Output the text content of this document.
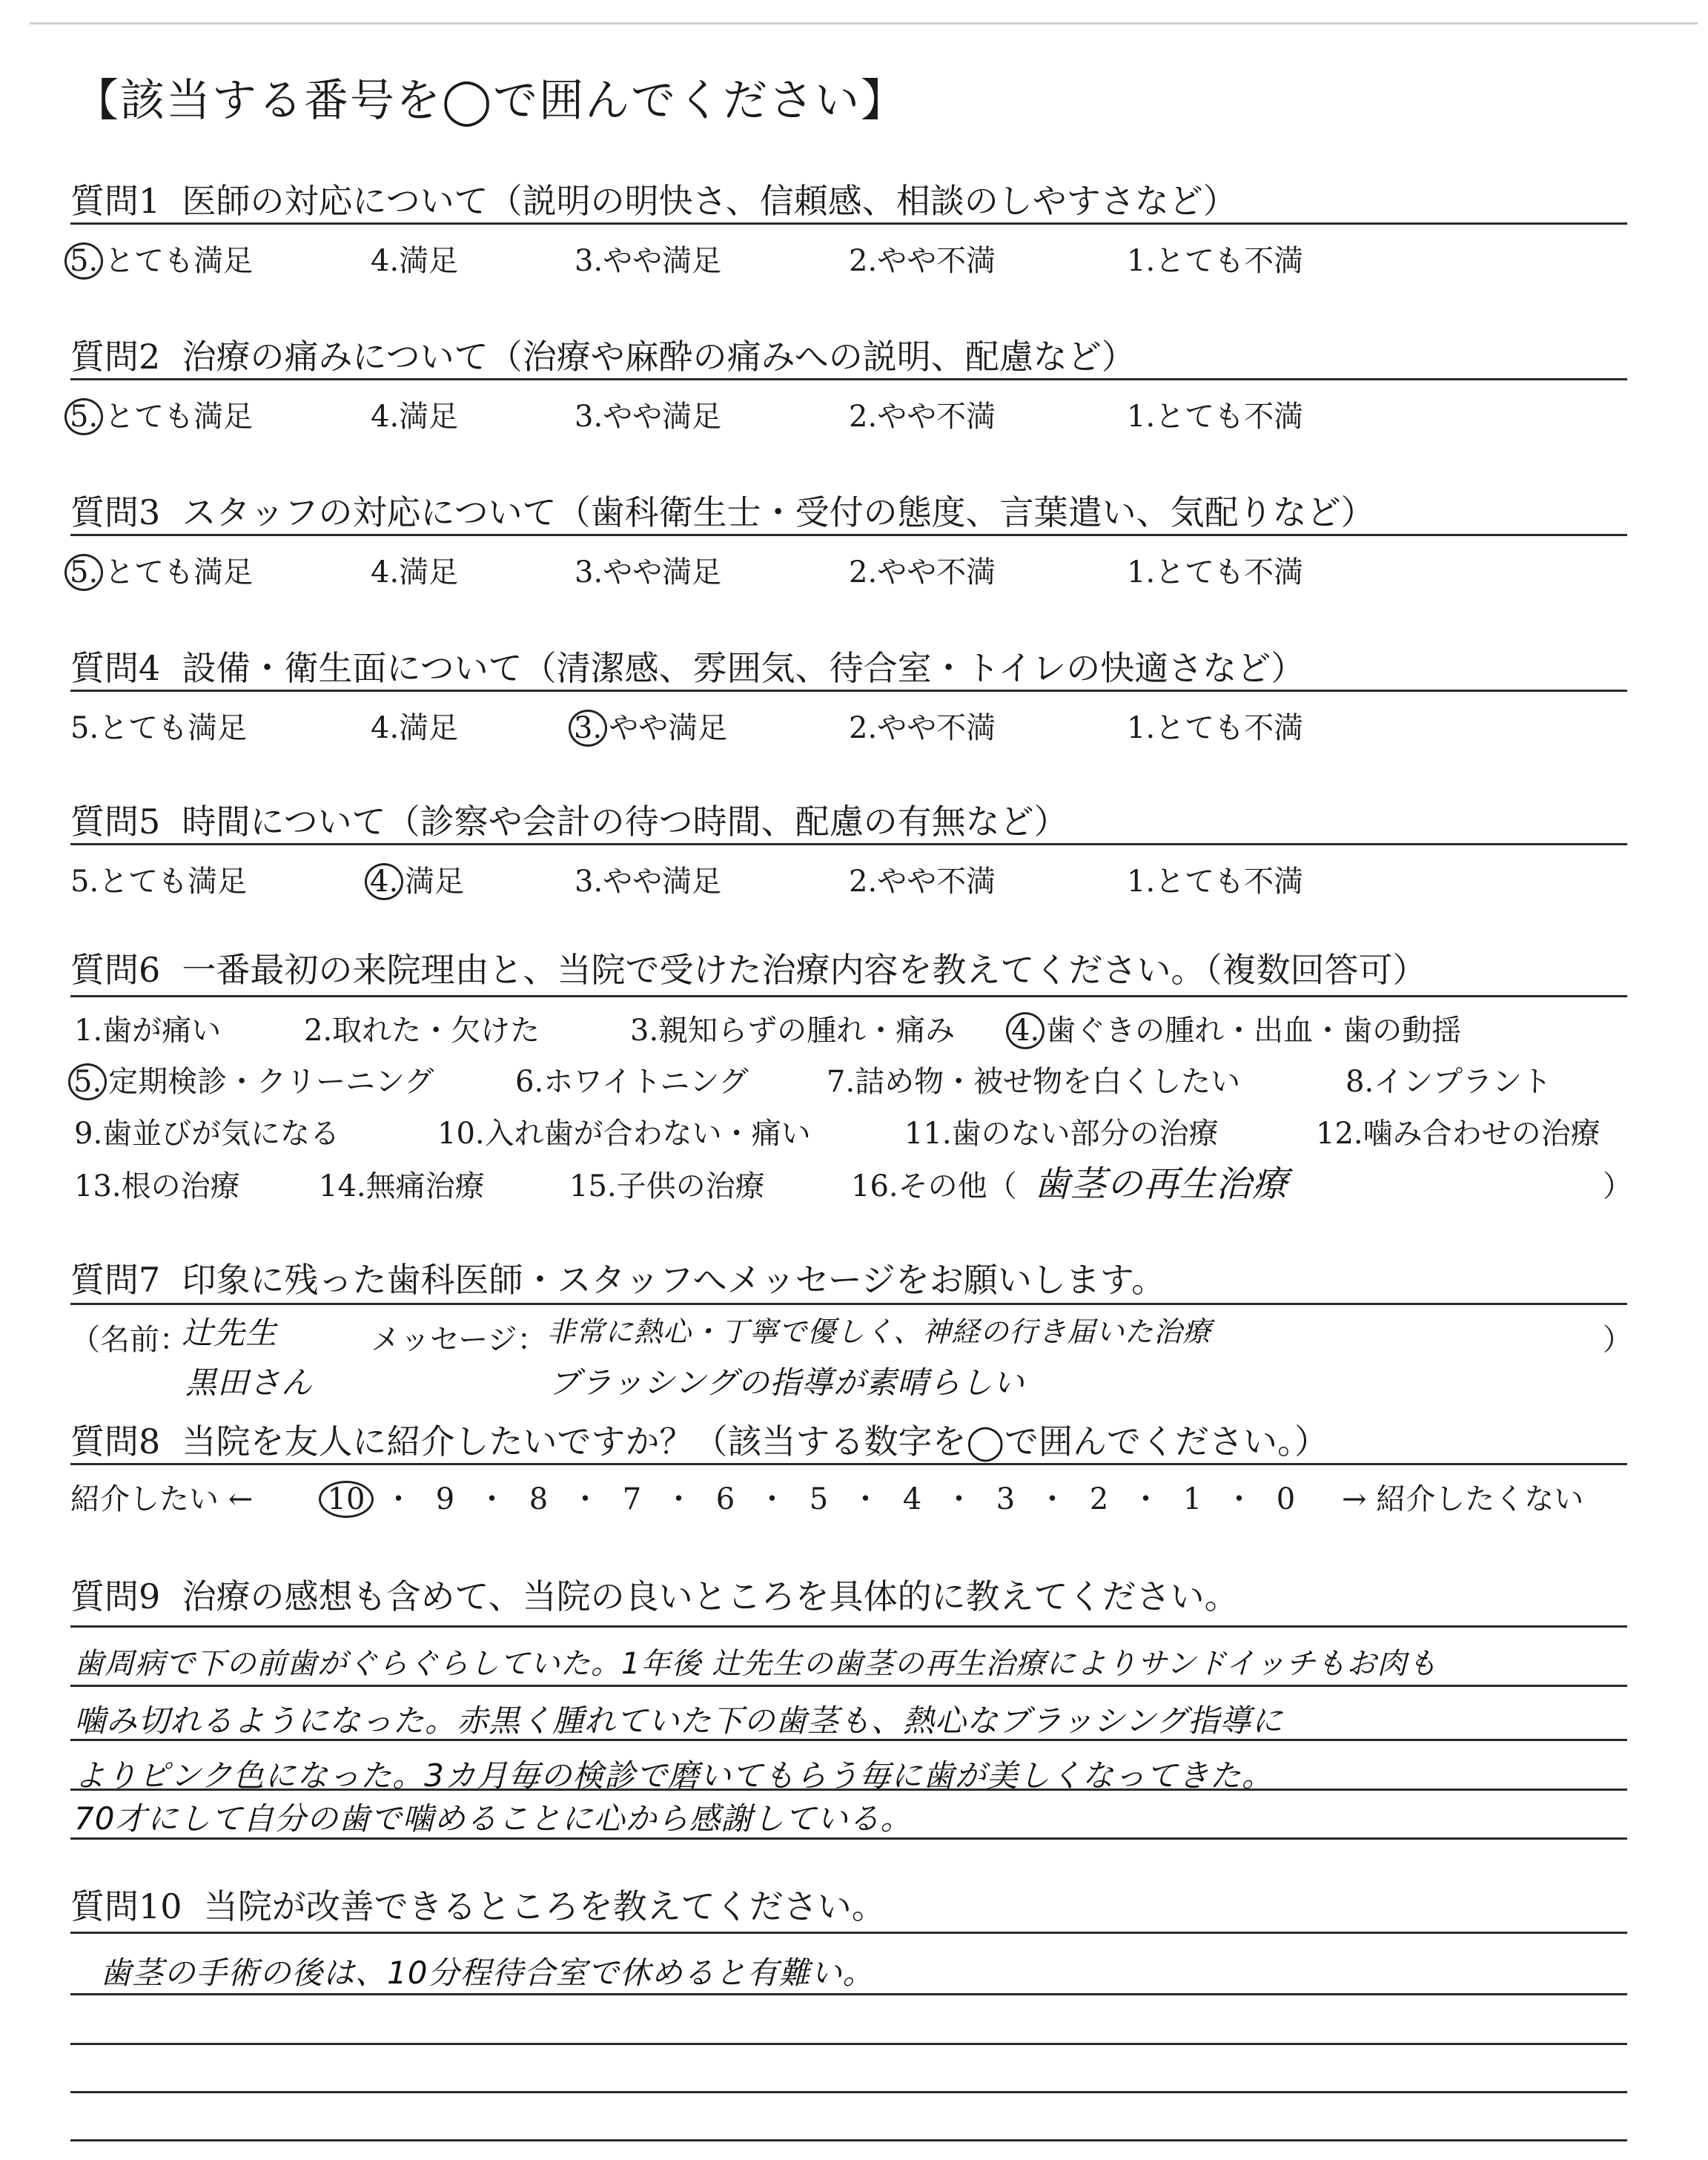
【該当する番号を◯で囲んでください】
質問1 医師の対応について（説明の明快さ、信頼感、相談のしやすさなど）
5. とても満足	4.満足	3.やや満足	2.やや不満	1.とても不満
質問2 治療の痛みについて（治療や麻酔の痛みへの説明、配慮など）
5. とても満足	4.満足	3.やや満足	2.やや不満	1.とても不満
質問3 スタッフの対応について（歯科衛生士・受付の態度、言葉遣い、気配りなど）
5. とても満足	4.満足	3.やや満足	2.やや不満	1.とても不満
質問4 設備・衛生面について（清潔感、雰囲気、待合室・トイレの快適さなど）
5.とても満足	4.満足	3. やや満足	2.やや不満	1.とても不満
質問5 時間について（診察や会計の待つ時間、配慮の有無など）
5.とても満足	4. 満足	3.やや満足	2.やや不満	1.とても不満
質問6 一番最初の来院理由と、当院で受けた治療内容を教えてください。（複数回答可）
1.歯が痛い	2.取れた・欠けた	3.親知らずの腫れ・痛み 4. 歯ぐきの腫れ・出血・歯の動揺
5. 定期検診・クリーニング	6.ホワイトニング	7.詰め物・被せ物を白くしたい	8.インプラント
9.歯並びが気になる	10.入れ歯が合わない・痛い	11.歯のない部分の治療	12.噛み合わせの治療
13.根の治療	14.無痛治療	15.子供の治療	16.その他（ 歯茎の再生治療	）
質問7 印象に残った歯科医師・スタッフへメッセージをお願いします。
（名前：
辻先生
黒田さん
メッセージ： 非常に熱心・丁寧で優しく、神経の行き届いた治療
ブラッシングの指導が素晴らしい
）
質問8 当院を友人に紹介したいですか？（該当する数字を◯で囲んでください。）
紹介したい ←	10 ・ 9 ・ 8 ・ 7 ・ 6 ・ 5 ・ 4 ・ 3 ・ 2 ・ 1 ・ 0	→ 紹介したくない
質問9 治療の感想も含めて、当院の良いところを具体的に教えてください。
歯周病で下の前歯がぐらぐらしていた。1年後 辻先生の歯茎の再生治療によりサンドイッチもお肉も
噛み切れるようになった。赤黒く腫れていた下の歯茎も、熱心なブラッシング指導に
よりピンク色になった。3カ月毎の検診で磨いてもらう毎に歯が美しくなってきた。
70才にして自分の歯で噛めることに心から感謝している。
質問10 当院が改善できるところを教えてください。
歯茎の手術の後は、10分程待合室で休めると有難い。
